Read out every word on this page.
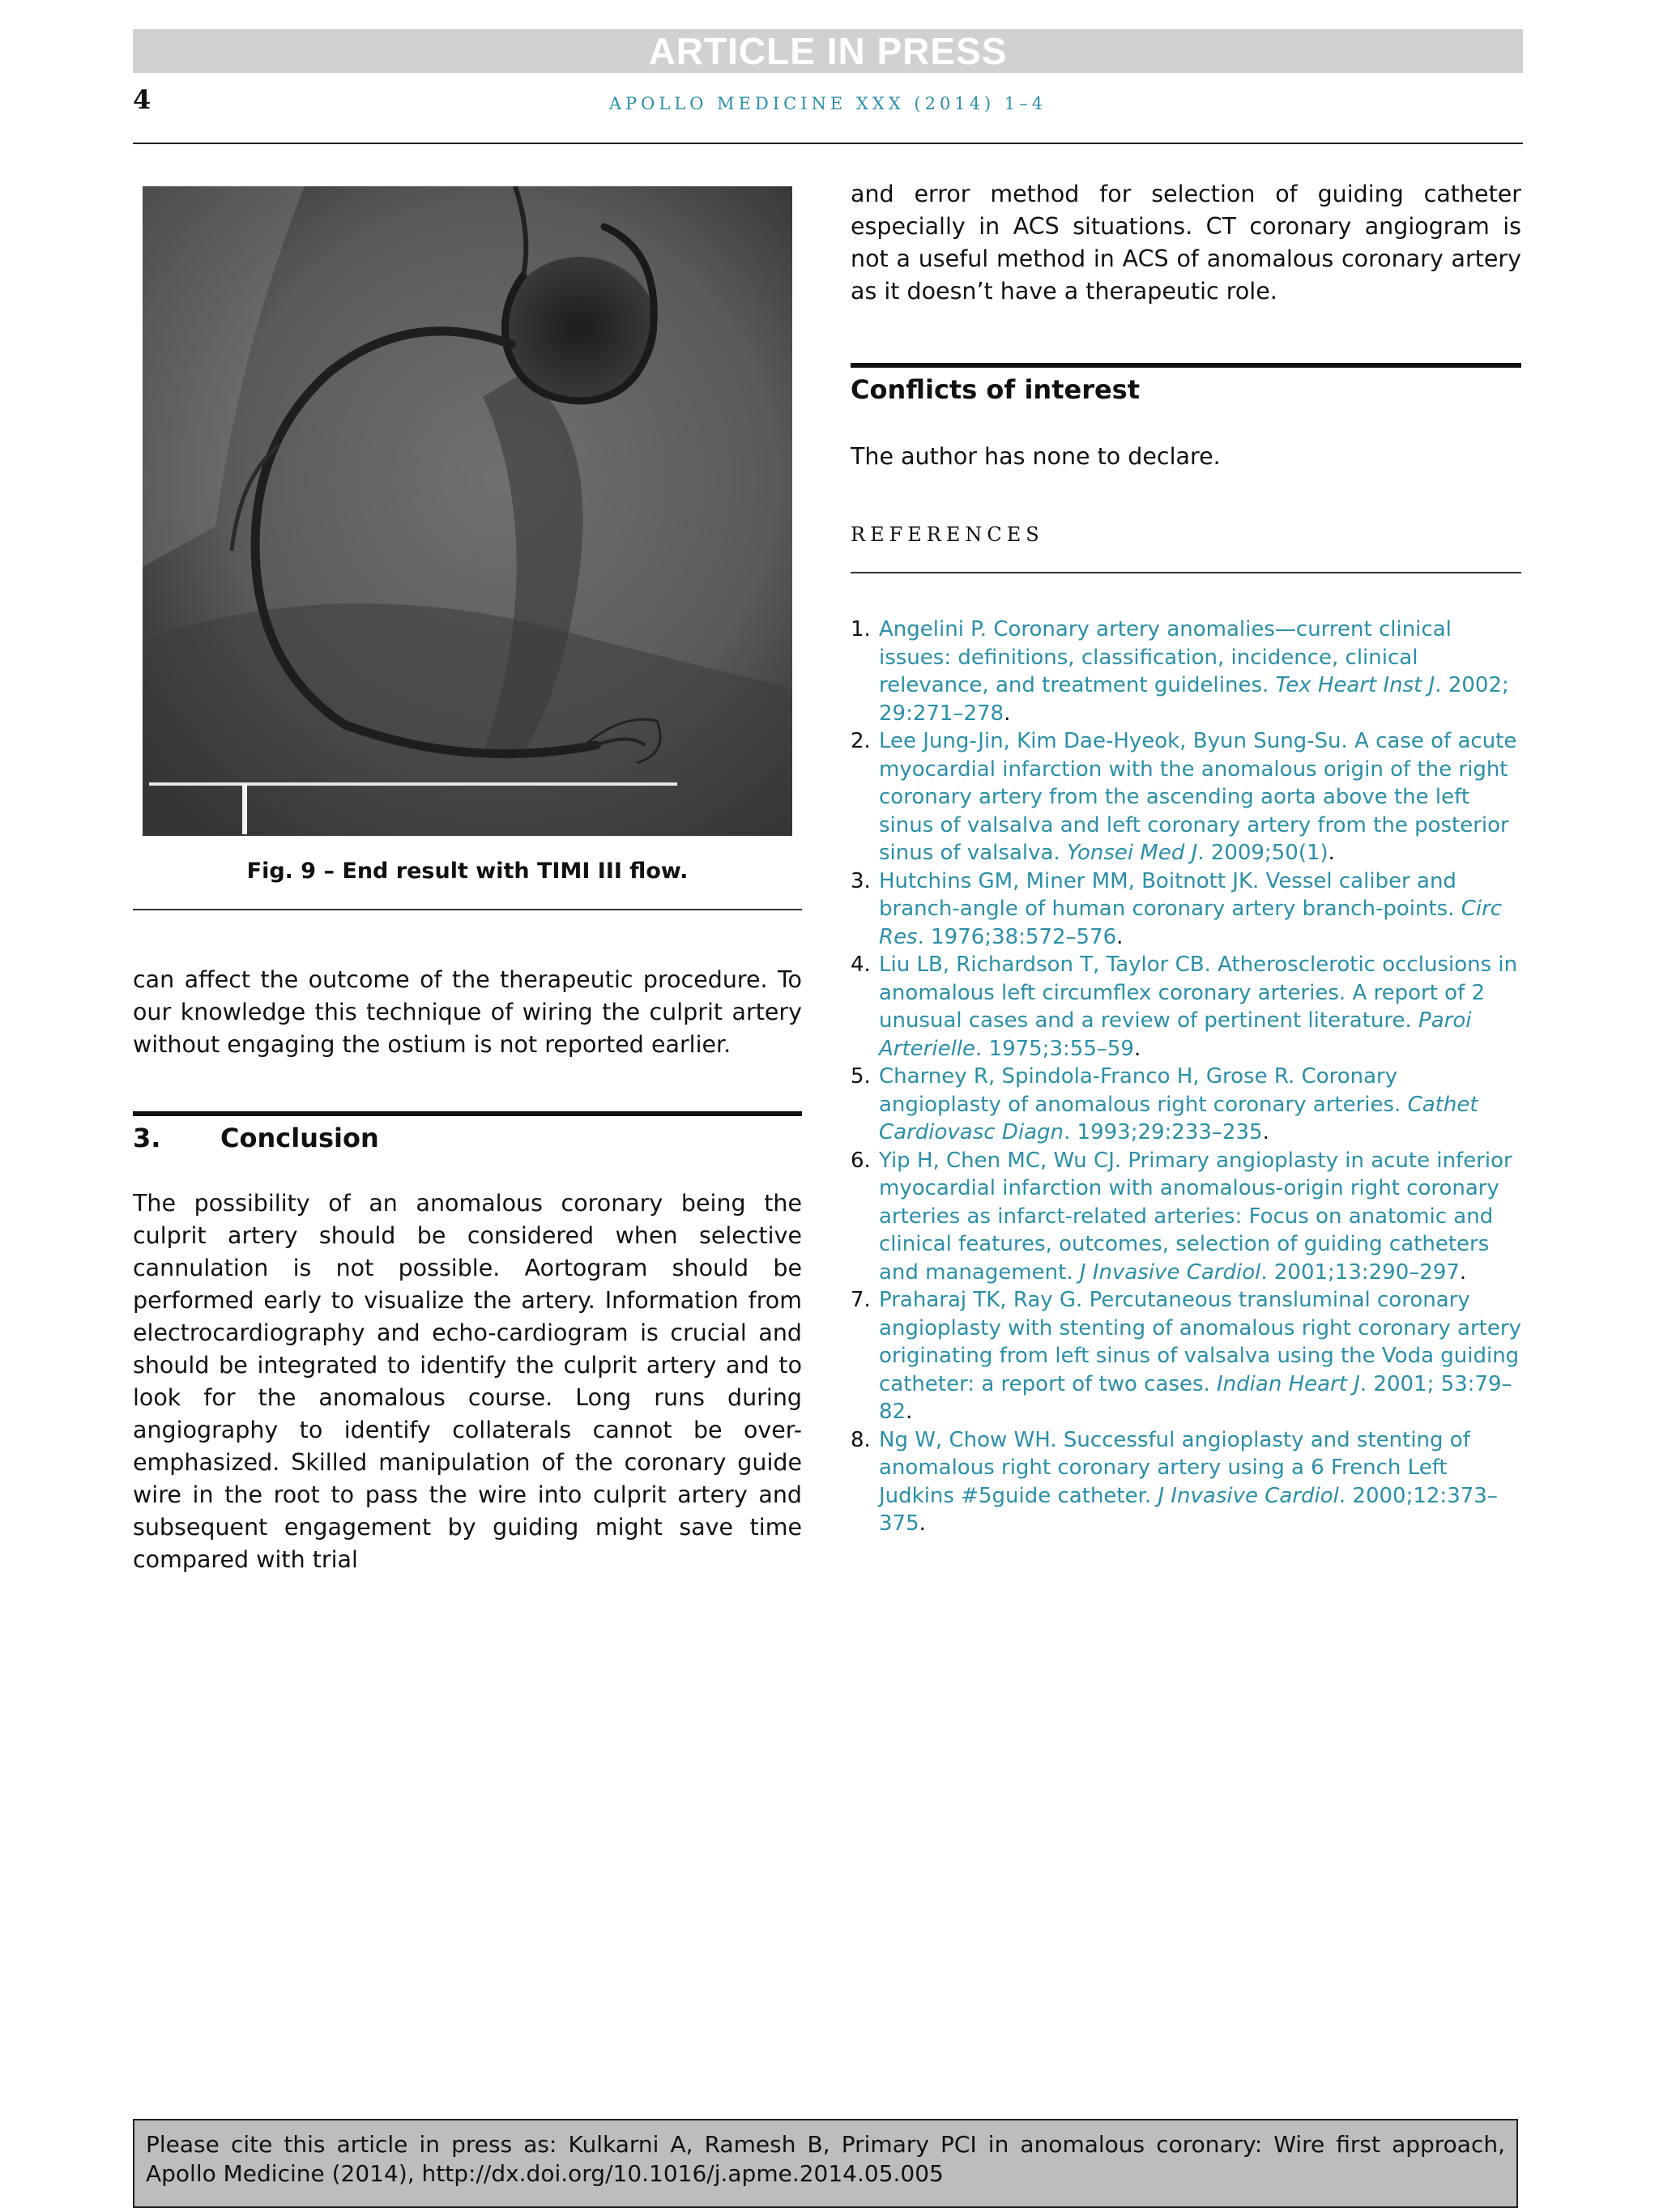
ARTICLE IN PRESS
4	APOLLO MEDICINE XXX (2014) 1–4
Fig. 9 – End result with TIMI III flow.

can affect the outcome of the therapeutic procedure. To our knowledge this technique of wiring the culprit artery without engaging the ostium is not reported earlier.

3. Conclusion

The possibility of an anomalous coronary being the culprit artery should be considered when selective cannulation is not possible. Aortogram should be performed early to visualize the artery. Information from electrocardiography and echo-cardiogram is crucial and should be integrated to identify the culprit artery and to look for the anomalous course. Long runs during angiography to identify collaterals cannot be over-emphasized. Skilled manipulation of the coronary guide wire in the root to pass the wire into culprit artery and subsequent engagement by guiding might save time compared with trial

and error method for selection of guiding catheter especially in ACS situations. CT coronary angiogram is not a useful method in ACS of anomalous coronary artery as it doesn’t have a therapeutic role.

Conflicts of interest

The author has none to declare.

REFERENCES
1. Angelini P. Coronary artery anomalies—current clinical issues: definitions, classification, incidence, clinical relevance, and treatment guidelines. Tex Heart Inst J. 2002; 29:271–278.
2. Lee Jung-Jin, Kim Dae-Hyeok, Byun Sung-Su. A case of acute myocardial infarction with the anomalous origin of the right coronary artery from the ascending aorta above the left sinus of valsalva and left coronary artery from the posterior sinus of valsalva. Yonsei Med J. 2009;50(1).
3. Hutchins GM, Miner MM, Boitnott JK. Vessel caliber and branch-angle of human coronary artery branch-points. Circ Res. 1976;38:572–576.
4. Liu LB, Richardson T, Taylor CB. Atherosclerotic occlusions in anomalous left circumflex coronary arteries. A report of 2 unusual cases and a review of pertinent literature. Paroi Arterielle. 1975;3:55–59.
5. Charney R, Spindola-Franco H, Grose R. Coronary angioplasty of anomalous right coronary arteries. Cathet Cardiovasc Diagn. 1993;29:233–235.
6. Yip H, Chen MC, Wu CJ. Primary angioplasty in acute inferior myocardial infarction with anomalous-origin right coronary arteries as infarct-related arteries: Focus on anatomic and clinical features, outcomes, selection of guiding catheters and management. J Invasive Cardiol. 2001;13:290–297.
7. Praharaj TK, Ray G. Percutaneous transluminal coronary angioplasty with stenting of anomalous right coronary artery originating from left sinus of valsalva using the Voda guiding catheter: a report of two cases. Indian Heart J. 2001; 53:79–82.
8. Ng W, Chow WH. Successful angioplasty and stenting of anomalous right coronary artery using a 6 French Left Judkins #5guide catheter. J Invasive Cardiol. 2000;12:373–375.
Please cite this article in press as: Kulkarni A, Ramesh B, Primary PCI in anomalous coronary: Wire first approach, Apollo Medicine (2014), http://dx.doi.org/10.1016/j.apme.2014.05.005
